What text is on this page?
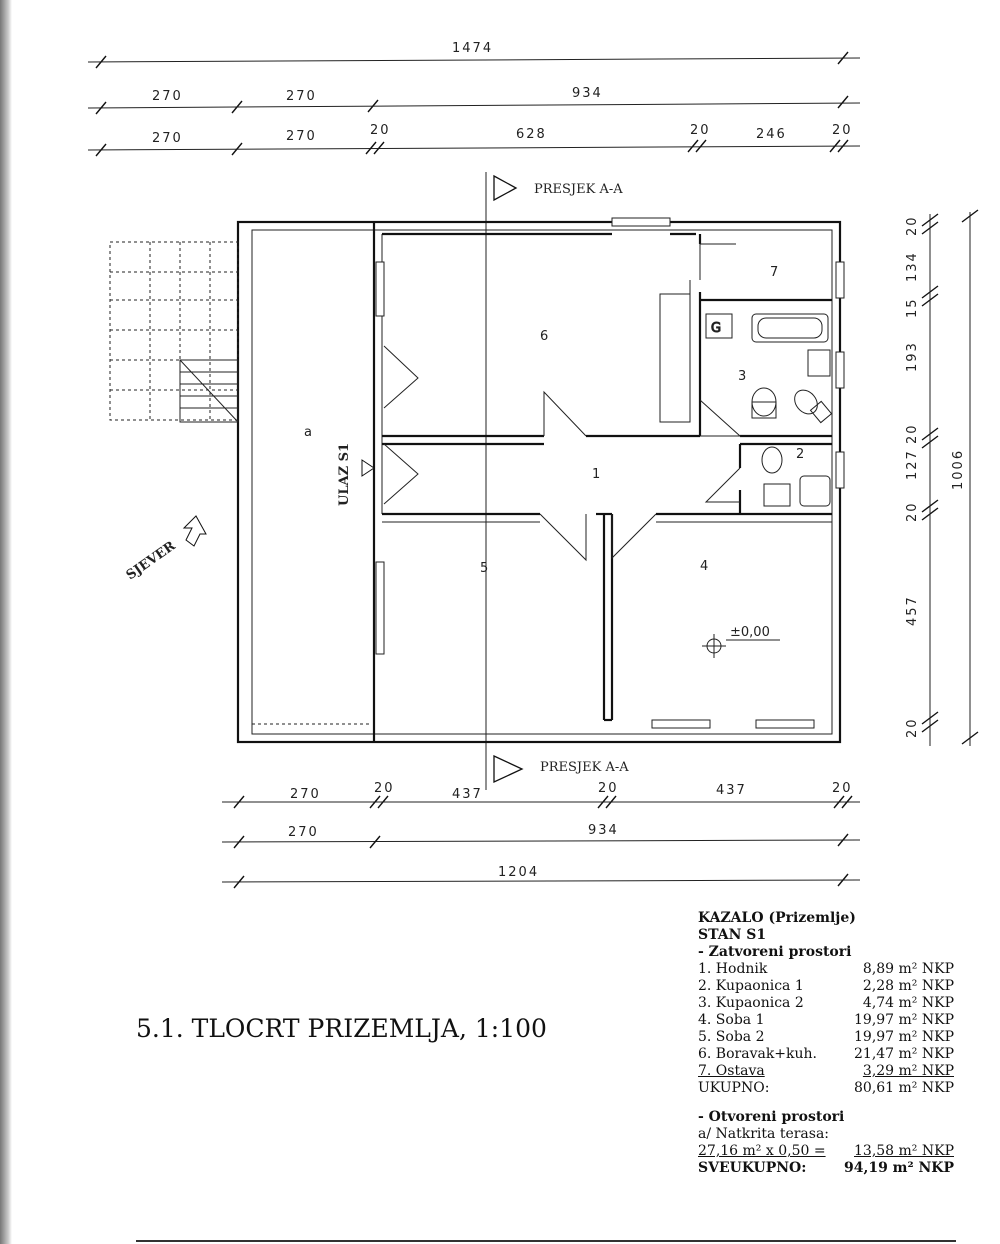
1474
270	270	934
270	270	20	628	20	246	20
PRESJEK A-A
PRESJEK A-A
G
6
7
3
2
1
5	4
a
ULAZ S1
SJEVER
±0,00
1006
20
134
15
193
20
127
20
457
20
270	20	437	20	437	20
270	934
1204
KAZALO (Prizemlje)
STAN S1
- Zatvoreni prostori
1. Hodnik	8,89 m² NKP
2. Kupaonica 1	2,28 m² NKP
3. Kupaonica 2	4,74 m² NKP
4. Soba 1	19,97 m² NKP
5. Soba 2	19,97 m² NKP
6. Boravak+kuh.	21,47 m² NKP
7. Ostava	3,29 m² NKP
UKUPNO:	80,61 m² NKP
- Otvoreni prostori
a/ Natkrita terasa:
27,16 m² x 0,50 = 13,58 m² NKP
SVEUKUPNO:	94,19 m² NKP
5.1. TLOCRT PRIZEMLJA, 1:100
